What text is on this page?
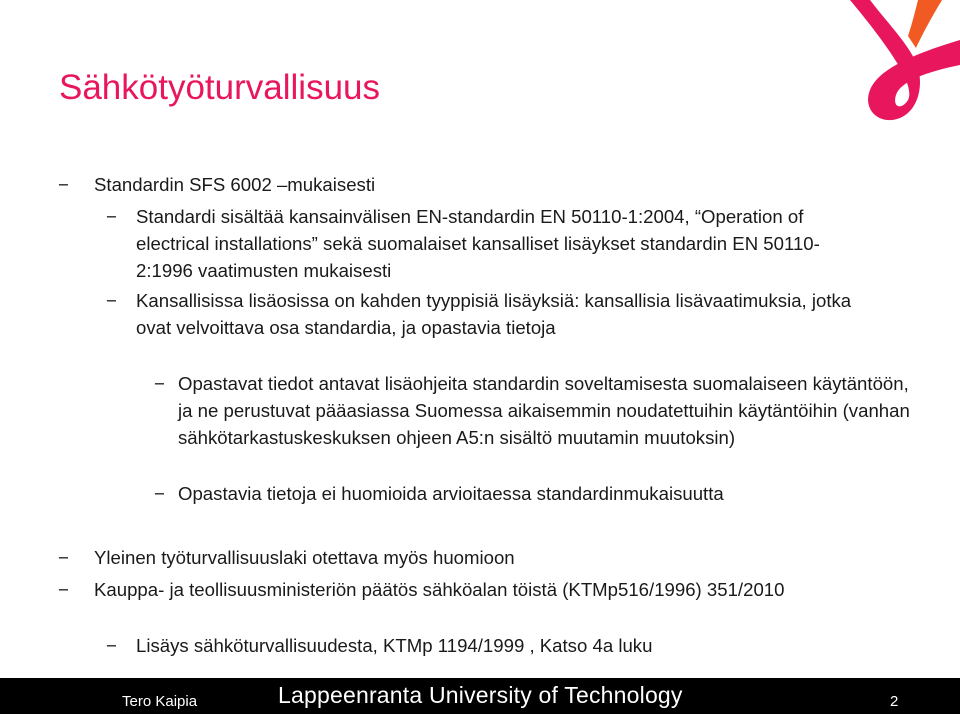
Sähkötyöturvallisuus
− Standardin SFS 6002 –mukaisesti
− Standardi sisältää kansainvälisen EN-standardin EN 50110-1:2004, “Operation of electrical installations” sekä suomalaiset kansalliset lisäykset standardin EN 50110-2:1996 vaatimusten mukaisesti
− Kansallisissa lisäosissa on kahden tyyppisiä lisäyksiä: kansallisia lisävaatimuksia, jotka ovat velvoittava osa standardia, ja opastavia tietoja
− Opastavat tiedot antavat lisäohjeita standardin soveltamisesta suomalaiseen käytäntöön, ja ne perustuvat pääasiassa Suomessa aikaisemmin noudatettuihin käytäntöihin (vanhan sähkötarkastuskeskuksen ohjeen A5:n sisältö muutamin muutoksin)
− Opastavia tietoja ei huomioida arvioitaessa standardinmukaisuutta
− Yleinen työturvallisuuslaki otettava myös huomioon
− Kauppa- ja teollisuusministeriön päätös sähköalan töistä (KTMp516/1996) 351/2010
− Lisäys sähköturvallisuudesta, KTMp 1194/1999 , Katso 4a luku
Tero Kaipia	Lappeenranta University of Technology	2
